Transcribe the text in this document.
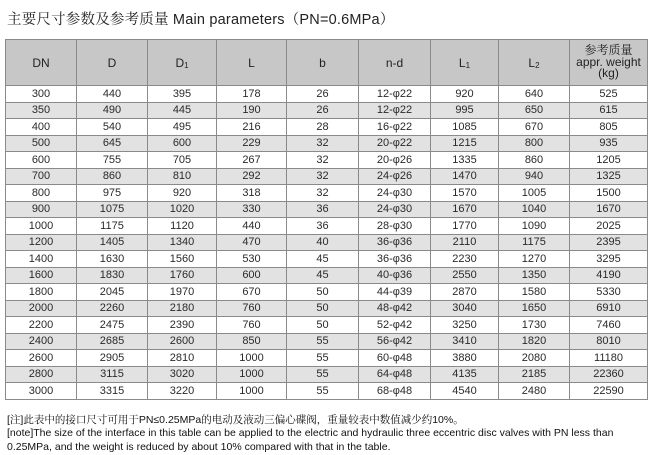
主要尺寸参数及参考质量 Main parameters（PN=0.6MPa）
DN	D	$D_1$	L	b	n-d	$L_1$	$L_2$	参考质量
appr. weight
(kg)

300	440	395	178	26	12-φ22	920	640	525
350	490	445	190	26	12-φ22	995	650	615
400	540	495	216	28	16-φ22	1085	670	805
500	645	600	229	32	20-φ22	1215	800	935
600	755	705	267	32	20-φ26	1335	860	1205
700	860	810	292	32	24-φ26	1470	940	1325
800	975	920	318	32	24-φ30	1570	1005	1500
900	1075	1020	330	36	24-φ30	1670	1040	1670
1000	1175	1120	440	36	28-φ30	1770	1090	2025
1200	1405	1340	470	40	36-φ36	2110	1175	2395
1400	1630	1560	530	45	36-φ36	2230	1270	3295
1600	1830	1760	600	45	40-φ36	2550	1350	4190
1800	2045	1970	670	50	44-φ39	2870	1580	5330
2000	2260	2180	760	50	48-φ42	3040	1650	6910
2200	2475	2390	760	50	52-φ42	3250	1730	7460
2400	2685	2600	850	55	56-φ42	3410	1820	8010
2600	2905	2810	1000	55	60-φ48	3880	2080	11180
2800	3115	3020	1000	55	64-φ48	4135	2185	22360
3000	3315	3220	1000	55	68-φ48	4540	2480	22590

[注]此表中的接口尺寸可用于PN≤0.25MPa的电动及液动三偏心碟阀，重量较表中数值减少约10%。

[note]The size of the interface in this table can be applied to the electric and hydraulic three eccentric disc valves with PN less than 0.25MPa, and the weight is reduced by about 10% compared with that in the table.
